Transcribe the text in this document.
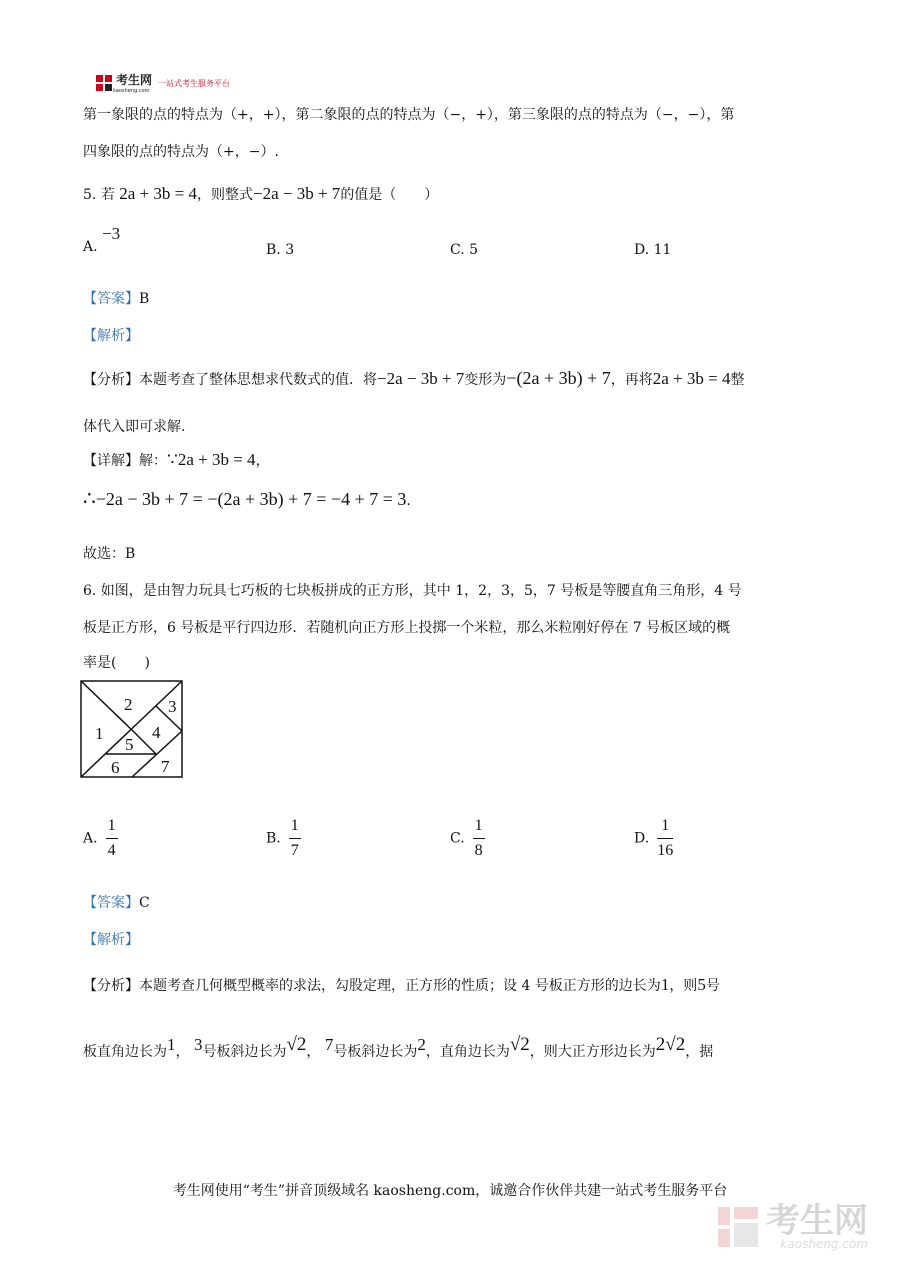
考生网
kaosheng.com
一站式考生服务平台
第一象限的点的特点为（+，+），第二象限的点的特点为（−，+），第三象限的点的特点为（−，−），第
四象限的点的特点为（+，−）.
5. 若 2a + 3b = 4，则整式−2a − 3b + 7的值是（　　）
A. −3
B. 3	C. 5	D. 11
【答案】B
【解析】
【分析】本题考查了整体思想求代数式的值．将−2a − 3b + 7变形为−(2a + 3b) + 7，再将2a + 3b = 4整
体代入即可求解.
【详解】解：∵2a + 3b = 4，
∴−2a − 3b + 7 = −(2a + 3b) + 7 = −4 + 7 = 3.
故选：B
6. 如图，是由智力玩具七巧板的七块板拼成的正方形，其中 1，2，3，5，7 号板是等腰直角三角形，4 号
板是正方形，6 号板是平行四边形．若随机向正方形上投掷一个米粒，那么米粒刚好停在 7 号板区域的概
率是(　　)
1
2 3
4
5
6 7
A. $\frac{1}{4}$	B. $\frac{1}{7}$	C. $\frac{1}{8}$	D. $\frac{1}{16}$
【答案】C
【解析】
【分析】本题考查几何概型概率的求法，勾股定理，正方形的性质；设 4 号板正方形的边长为1，则5号
板直角边长为1， 3号板斜边长为√2， 7号板斜边长为2，直角边长为√2，则大正方形边长为2√2，据
考生网使用“考生”拼音顶级域名 kaosheng.com，诚邀合作伙伴共建一站式考生服务平台
考生网
kaosheng.com
